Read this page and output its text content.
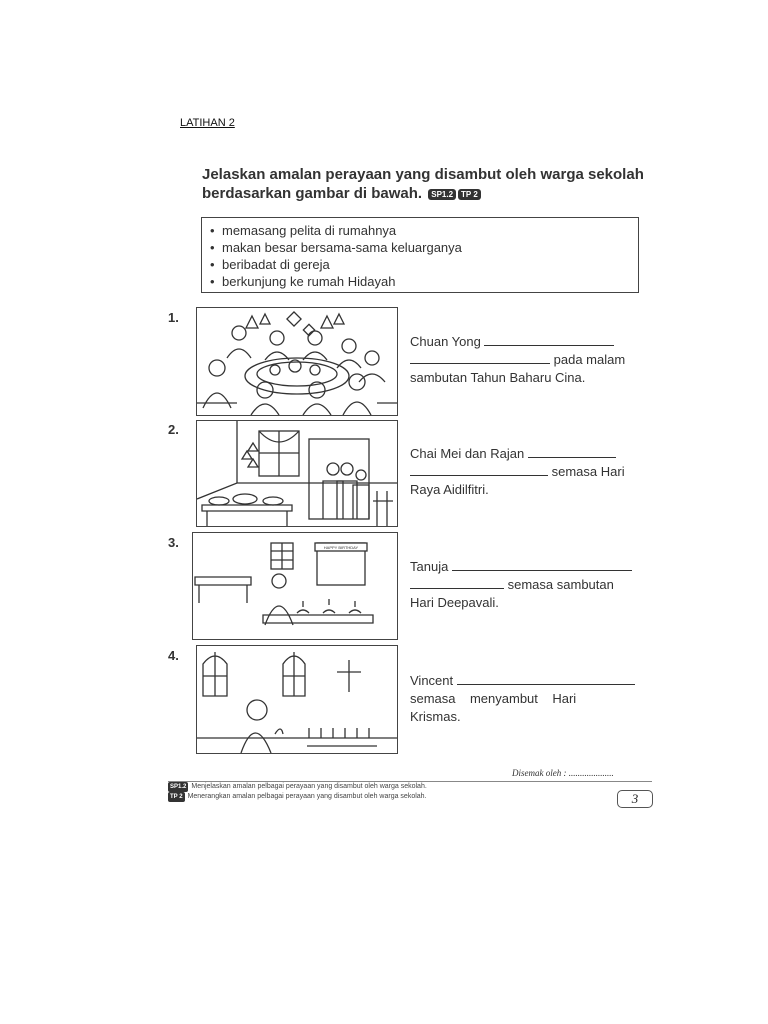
LATIHAN 2
Jelaskan amalan perayaan yang disambut oleh warga sekolah berdasarkan gambar di bawah. SP1.2 TP 2
• memasang pelita di rumahnya
• makan besar bersama-sama keluarganya
• beribadat di gereja
• berkunjung ke rumah Hidayah
1.
Chuan Yong
pada malam
sambutan Tahun Baharu Cina.
2.
Chai Mei dan Rajan
semasa Hari
Raya Aidilfitri.
3.	HAPPY BIRTHDAY
Tanuja
semasa sambutan
Hari Deepavali.
4.
Vincent
semasa    menyambut    Hari
Krismas.
Disemak oleh : ....................
SP1.2 Menjelaskan amalan pelbagai perayaan yang disambut oleh warga sekolah.
TP 2 Menerangkan amalan pelbagai perayaan yang disambut oleh warga sekolah.	3
